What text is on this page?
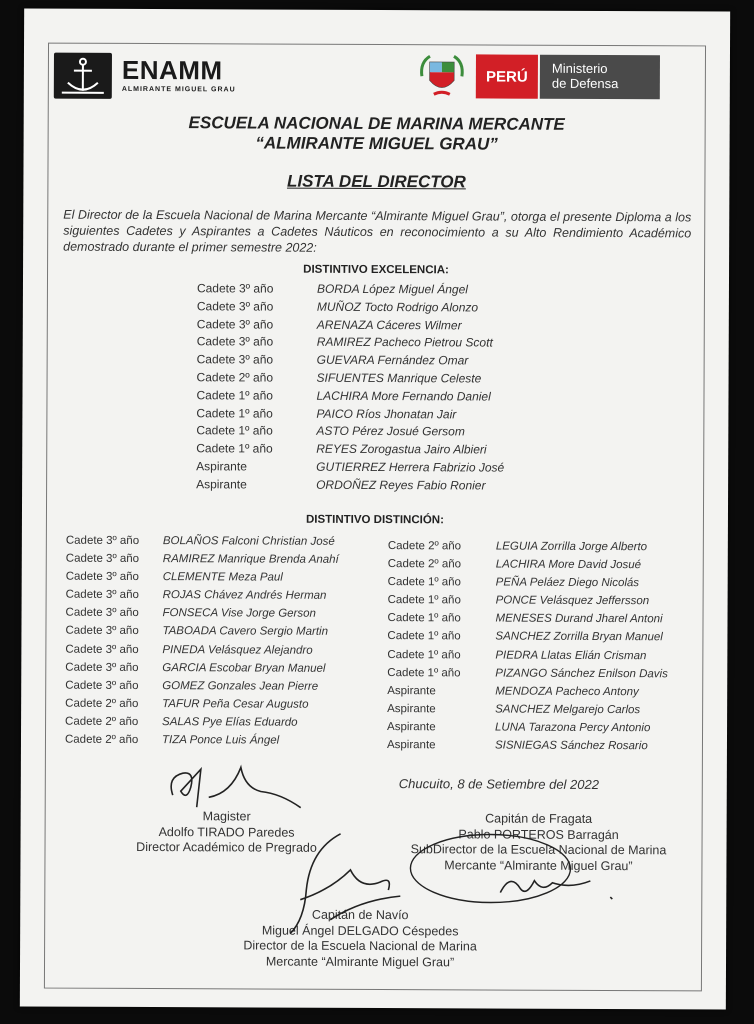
ENAMM
ALMIRANTE MIGUEL GRAU
PERÚ	Ministerio
de Defensa
ESCUELA NACIONAL DE MARINA MERCANTE
“ALMIRANTE MIGUEL GRAU”
LISTA DEL DIRECTOR
El Director de la Escuela Nacional de Marina Mercante “Almirante Miguel Grau”, otorga el presente Diploma a los siguientes Cadetes y Aspirantes a Cadetes Náuticos en reconocimiento a su Alto Rendimiento Académico demostrado durante el primer semestre 2022:
DISTINTIVO EXCELENCIA:
Cadete 3º año	BORDA López Miguel Ángel
Cadete 3º año	MUÑOZ Tocto Rodrigo Alonzo
Cadete 3º año	ARENAZA Cáceres Wilmer
Cadete 3º año	RAMIREZ Pacheco Pietrou Scott
Cadete 3º año	GUEVARA Fernández Omar
Cadete 2º año	SIFUENTES Manrique Celeste
Cadete 1º año	LACHIRA More Fernando Daniel
Cadete 1º año	PAICO Ríos Jhonatan Jair
Cadete 1º año	ASTO Pérez Josué Gersom
Cadete 1º año	REYES Zorogastua Jairo Albieri
Aspirante	GUTIERREZ Herrera Fabrizio José
Aspirante	ORDOÑEZ Reyes Fabio Ronier
DISTINTIVO DISTINCIÓN:
Cadete 3º año BOLAÑOS Falconi Christian José
Cadete 3º año RAMIREZ Manrique Brenda Anahí
Cadete 3º año CLEMENTE Meza Paul
Cadete 3º año ROJAS Chávez Andrés Herman
Cadete 3º año FONSECA Vise Jorge Gerson
Cadete 3º año TABOADA Cavero Sergio Martin
Cadete 3º año PINEDA Velásquez Alejandro
Cadete 3º año GARCIA Escobar Bryan Manuel
Cadete 3º año GOMEZ Gonzales Jean Pierre
Cadete 2º año TAFUR Peña Cesar Augusto
Cadete 2º año SALAS Pye Elías Eduardo
Cadete 2º año TIZA Ponce Luis Ángel
Cadete 2º año	LEGUIA Zorrilla Jorge Alberto
Cadete 2º año	LACHIRA More David Josué
Cadete 1º año	PEÑA Peláez Diego Nicolás
Cadete 1º año	PONCE Velásquez Jeffersson
Cadete 1º año	MENESES Durand Jharel Antoni
Cadete 1º año	SANCHEZ Zorrilla Bryan Manuel
Cadete 1º año	PIEDRA Llatas Elián Crisman
Cadete 1º año	PIZANGO Sánchez Enilson Davis
Aspirante	MENDOZA Pacheco Antony
Aspirante	SANCHEZ Melgarejo Carlos
Aspirante	LUNA Tarazona Percy Antonio
Aspirante	SISNIEGAS Sánchez Rosario
Chucuito, 8 de Setiembre del 2022
Magister
Adolfo TIRADO Paredes
Director Académico de Pregrado
Capitán de Fragata
Pablo PORTEROS Barragán
SubDirector de la Escuela Nacional de Marina
Mercante “Almirante Miguel Grau”
Capitán de Navío
Miguel Ángel DELGADO Céspedes
Director de la Escuela Nacional de Marina
Mercante “Almirante Miguel Grau”
